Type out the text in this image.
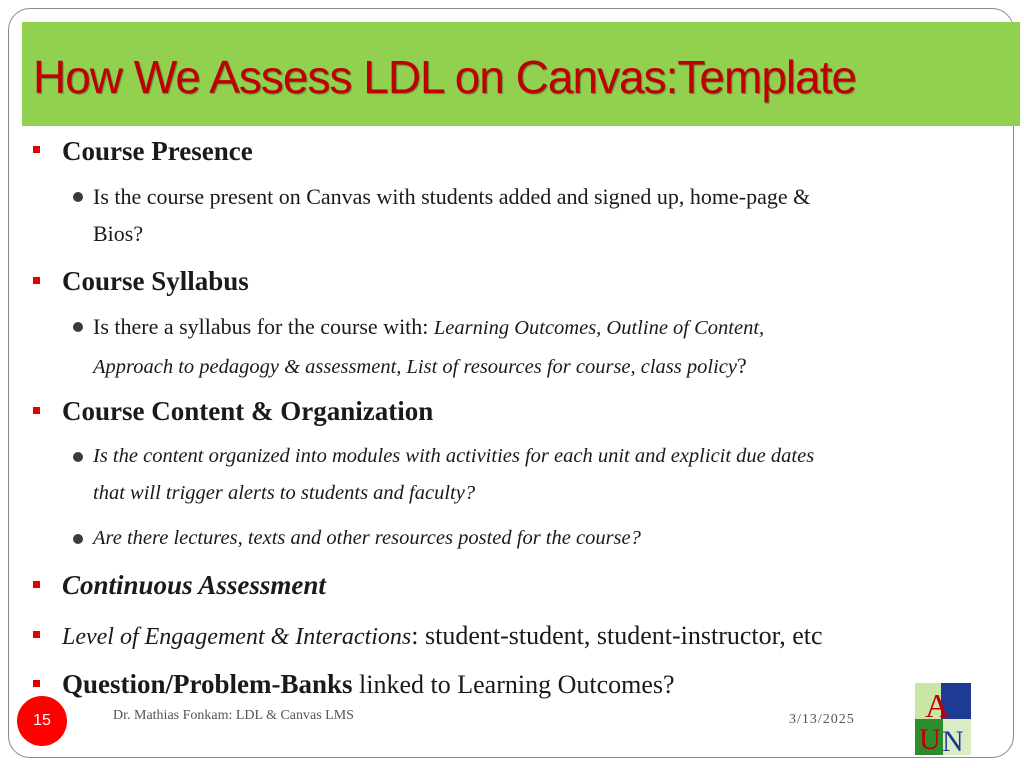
How We Assess LDL on Canvas:Template
Course Presence
Is the course present on Canvas with students added and signed up, home-page &
Bios?
Course Syllabus
Is there a syllabus for the course with: Learning Outcomes, Outline of Content,
Approach to pedagogy & assessment, List of resources for course, class policy?
Course Content & Organization
Is the content organized into modules with activities for each unit and explicit due dates
that will trigger alerts to students and faculty?
Are there lectures, texts and other resources posted for the course?
Continuous Assessment
Level of Engagement & Interactions: student-student, student-instructor, etc
Question/Problem-Banks linked to Learning Outcomes?
15	Dr. Mathias Fonkam: LDL & Canvas LMS	3/13/2025 A
U N
